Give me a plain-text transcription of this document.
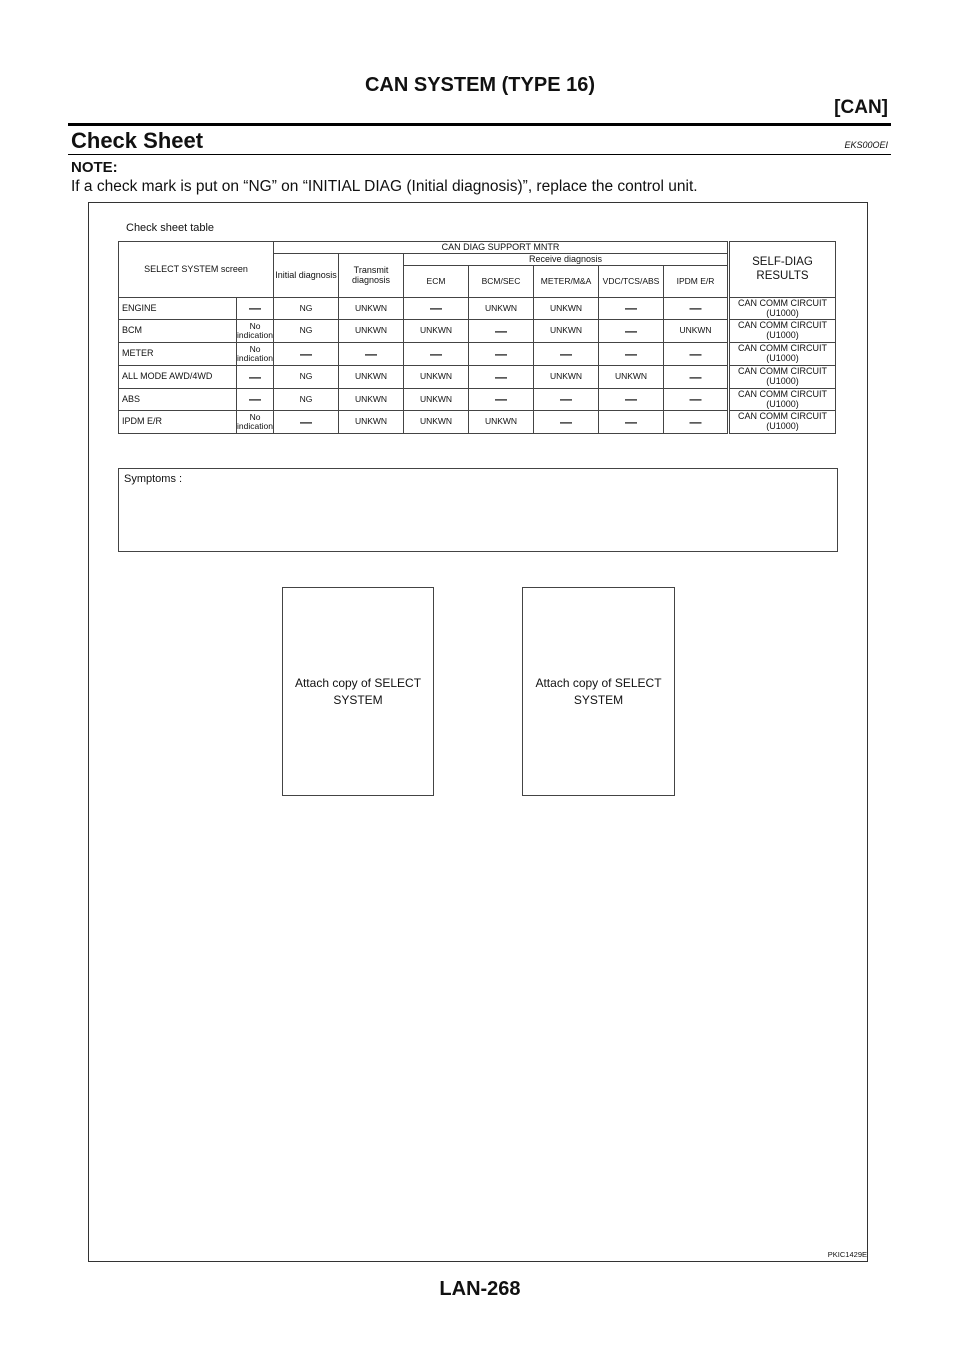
CAN SYSTEM (TYPE 16)
[CAN]
Check Sheet	EKS00OEI
NOTE:
If a check mark is put on “NG” on “INITIAL DIAG (Initial diagnosis)”, replace the control unit.
Check sheet table
SELECT SYSTEM screen		CAN DIAG SUPPORT MNTR							SELF-DIAG RESULTS
		Initial diagnosis	Transmit diagnosis	Receive diagnosis					
				ECM	BCM/SEC	METER/M&A	VDC/TCS/ABS	IPDM E/R	
ENGINE	—	NG	UNKWN	—	UNKWN	UNKWN	—	—	CAN COMM CIRCUIT
(U1000)
BCM	No indication	NG	UNKWN	UNKWN	—	UNKWN	—	UNKWN	CAN COMM CIRCUIT
(U1000)
METER	No indication	—	—	—	—	—	—	—	CAN COMM CIRCUIT
(U1000)
ALL MODE AWD/4WD	—	NG	UNKWN	UNKWN	—	UNKWN	UNKWN	—	CAN COMM CIRCUIT
(U1000)
ABS	—	NG	UNKWN	UNKWN	—	—	—	—	CAN COMM CIRCUIT
(U1000)
IPDM E/R	No indication	—	UNKWN	UNKWN	UNKWN	—	—	—	CAN COMM CIRCUIT
(U1000)
Symptoms :
Attach copy of SELECT SYSTEM
Attach copy of SELECT SYSTEM
PKIC1429E
LAN-268
